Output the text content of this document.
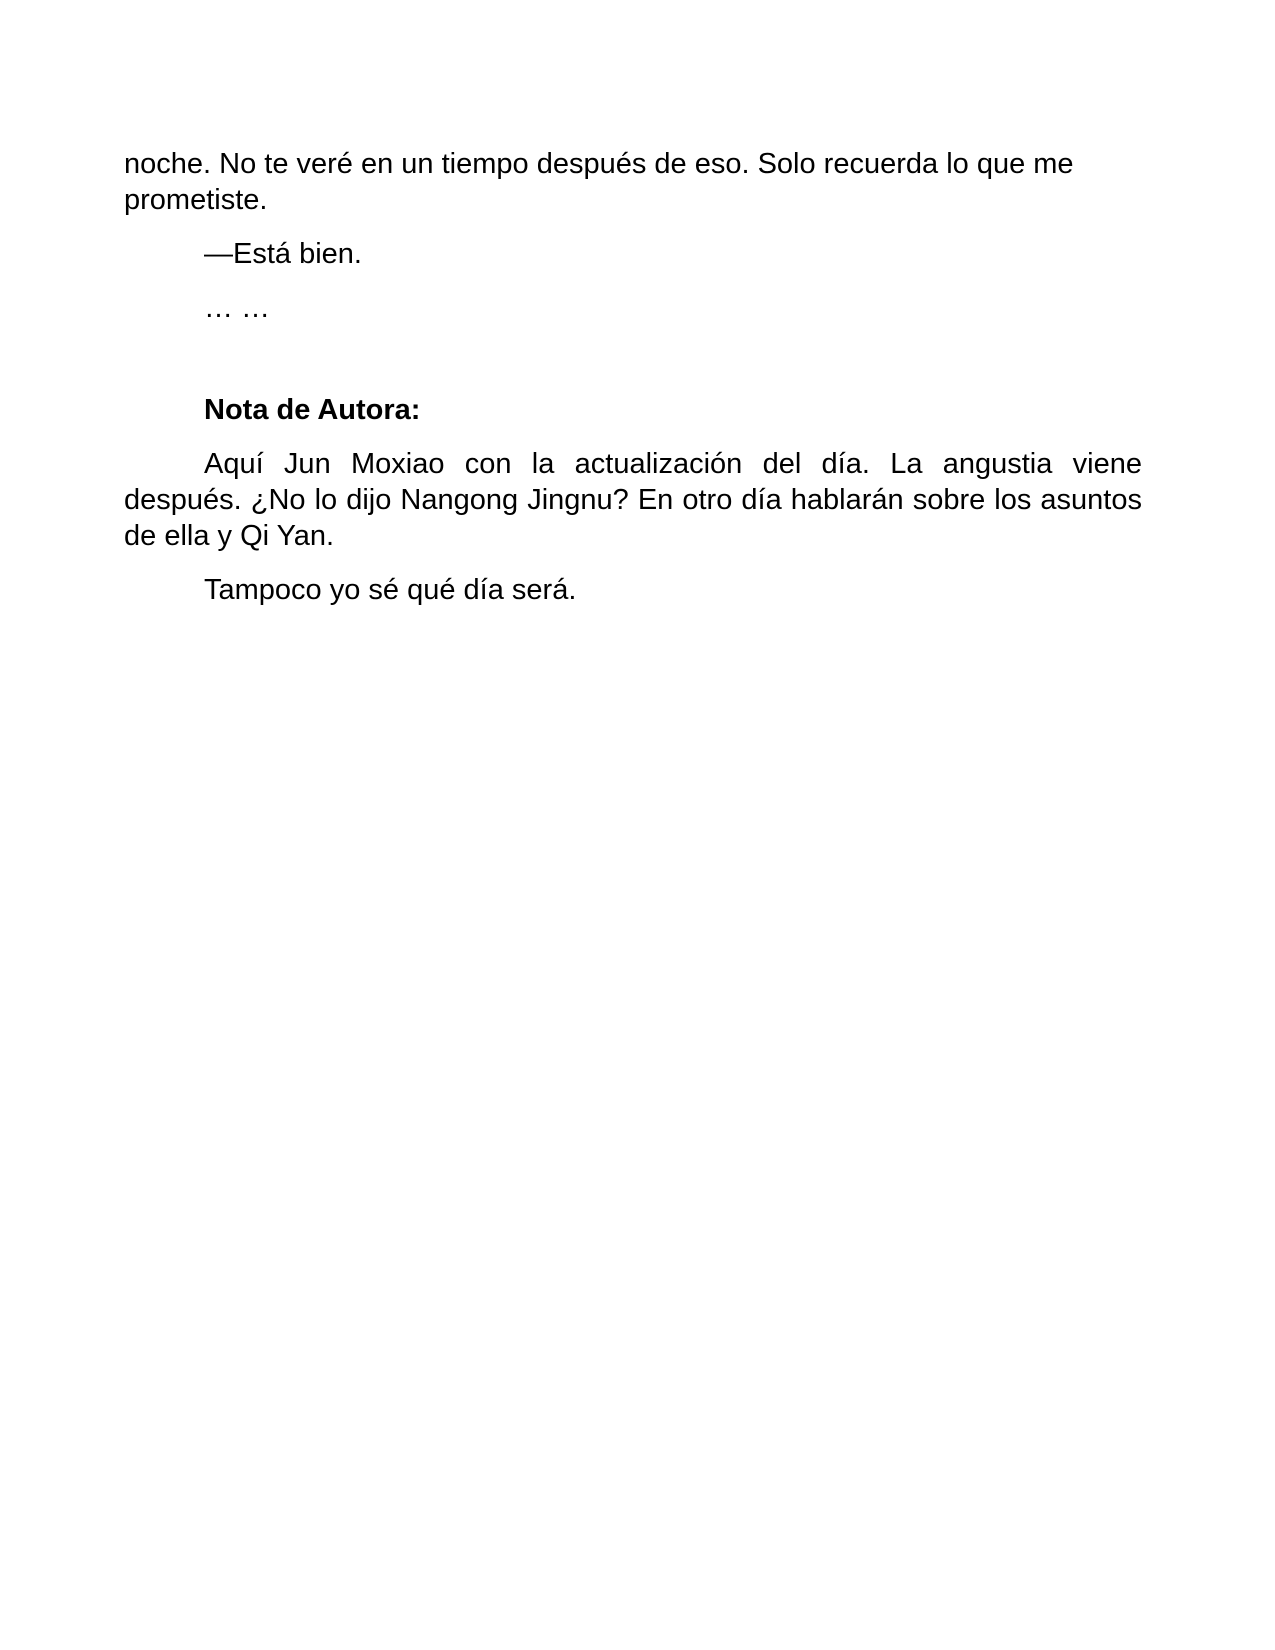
noche. No te veré en un tiempo después de eso. Solo recuerda lo que me prometiste.

—Está bien.

… …

Nota de Autora:

Aquí Jun Moxiao con la actualización del día. La angustia viene después. ¿No lo dijo Nangong Jingnu? En otro día hablarán sobre los asuntos de ella y Qi Yan.

Tampoco yo sé qué día será.
